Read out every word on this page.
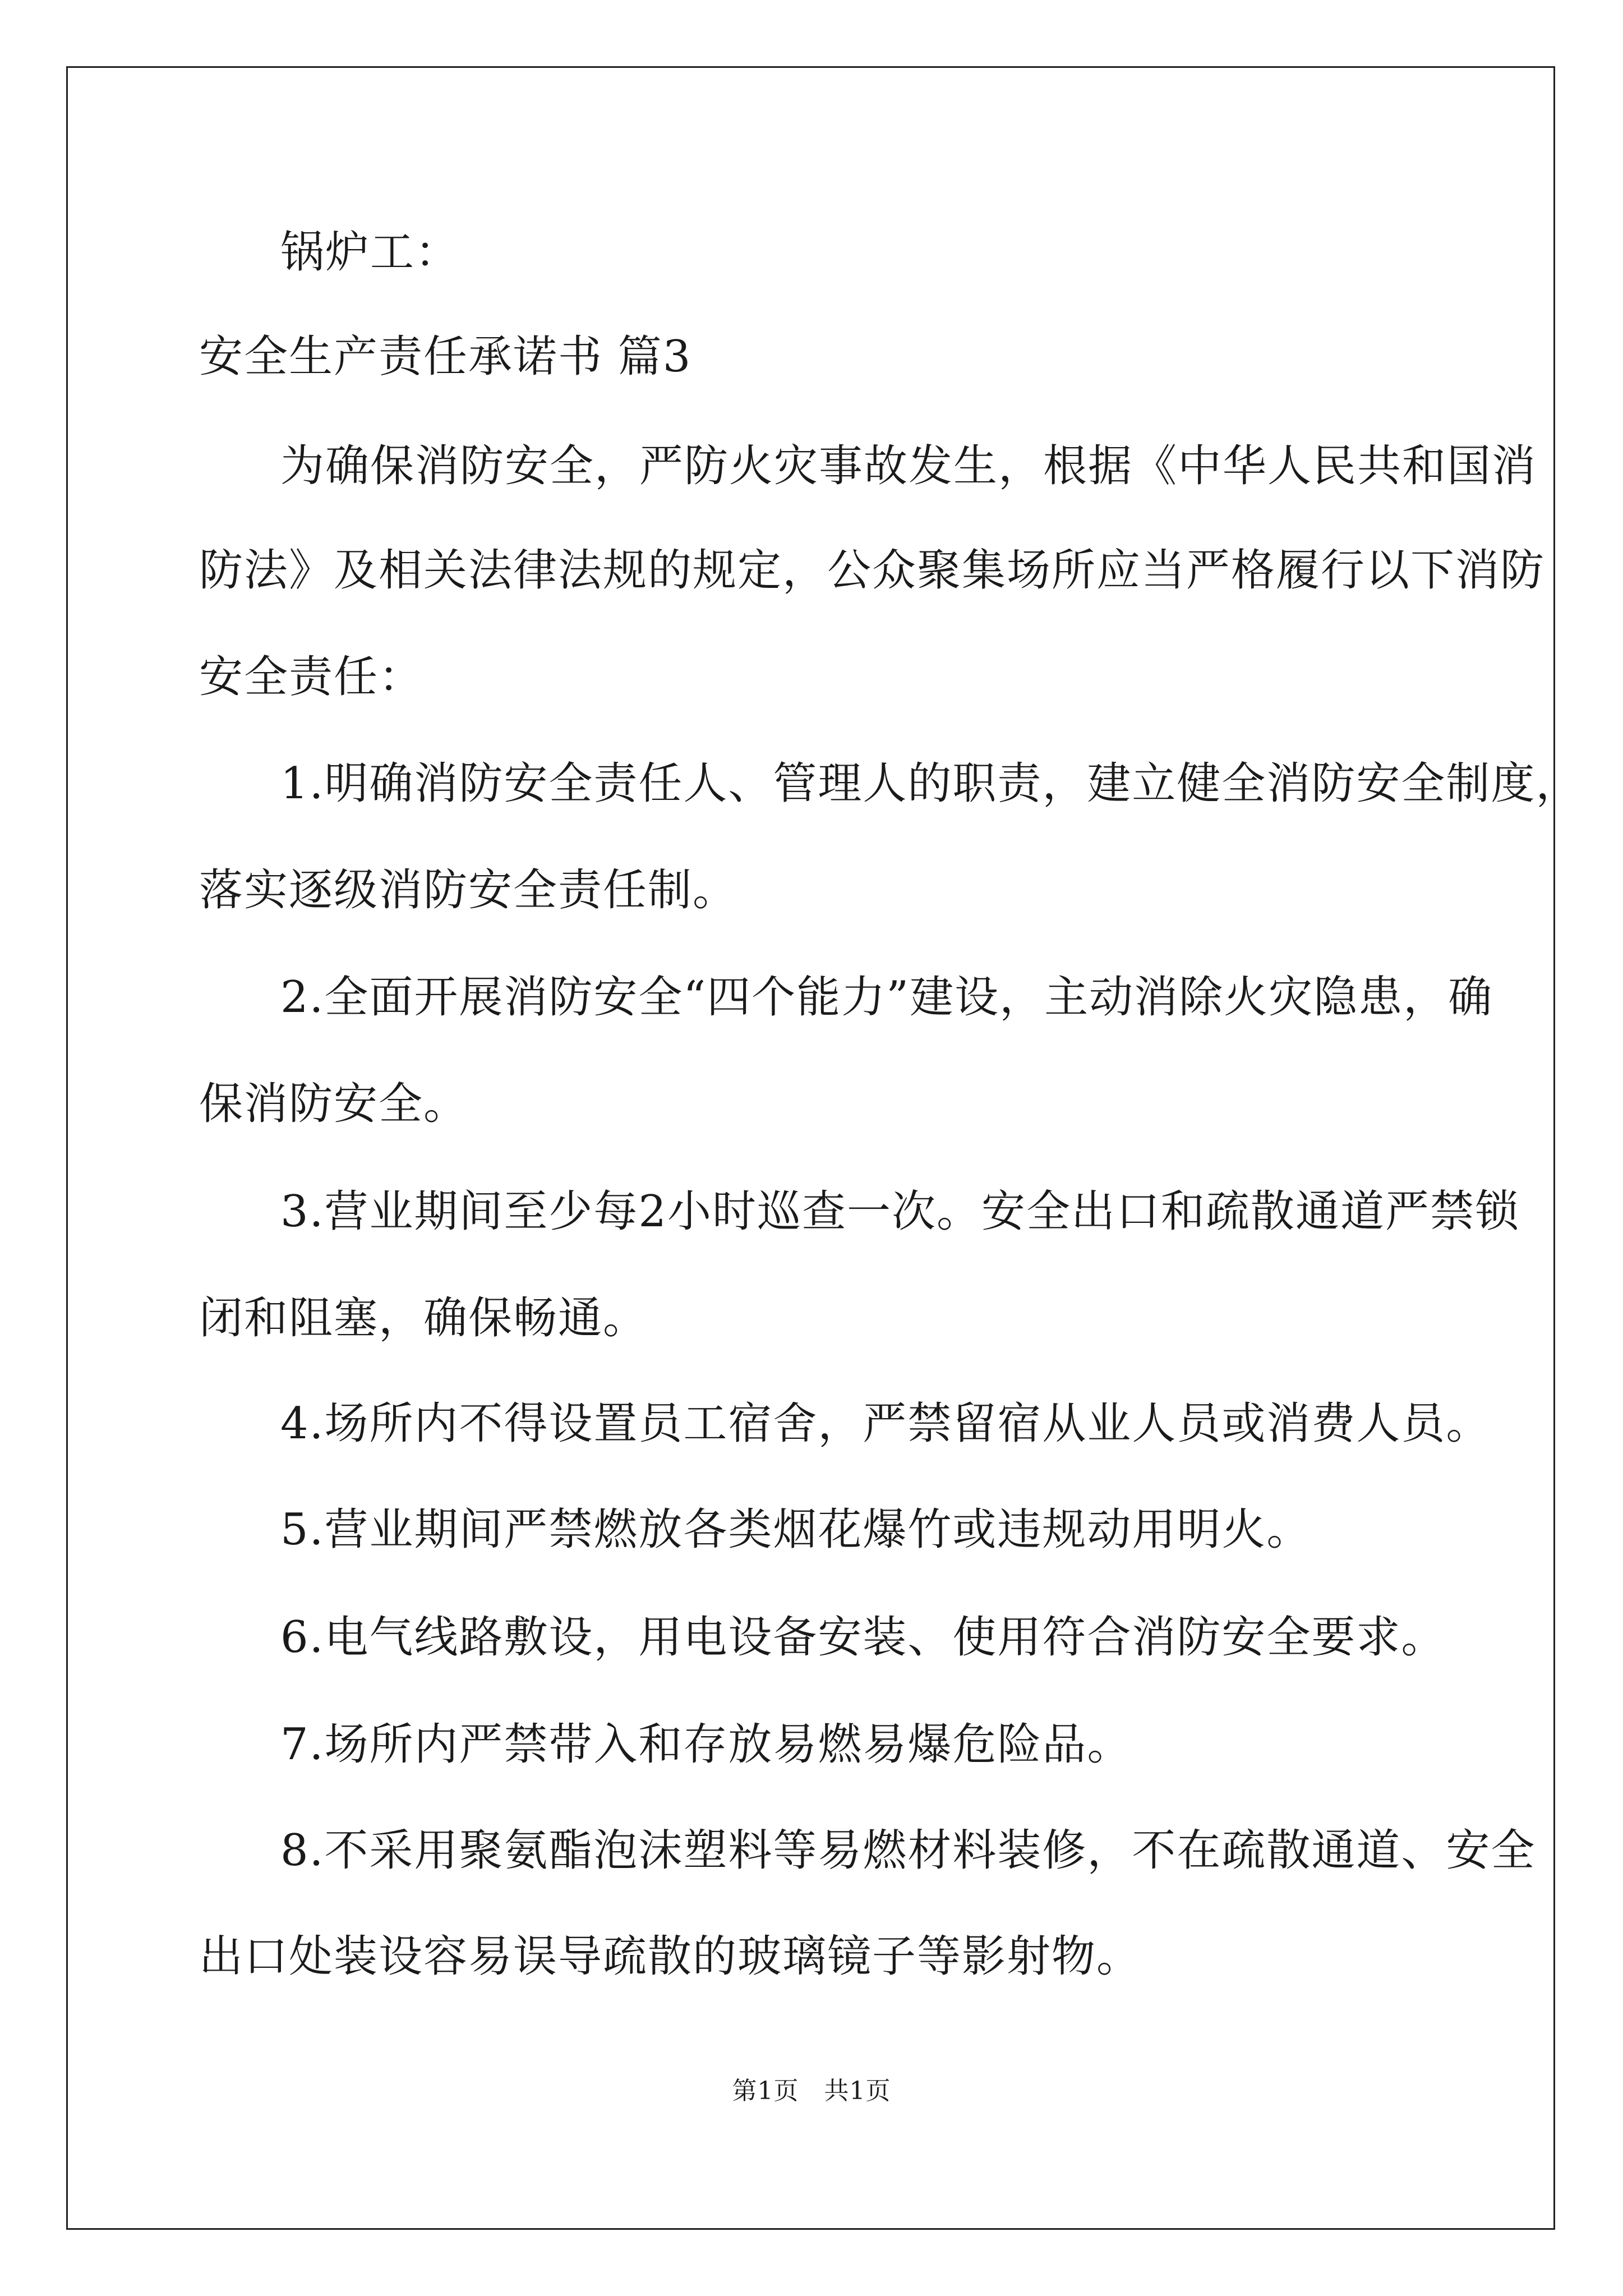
锅炉工：
安全生产责任承诺书 篇3
为确保消防安全，严防火灾事故发生，根据《中华人民共和国消
防法》及相关法律法规的规定，公众聚集场所应当严格履行以下消防
安全责任：
1.明确消防安全责任人、管理人的职责，建立健全消防安全制度，
落实逐级消防安全责任制。
2.全面开展消防安全“四个能力”建设，主动消除火灾隐患，确
保消防安全。
3.营业期间至少每2小时巡查一次。安全出口和疏散通道严禁锁
闭和阻塞，确保畅通。
4.场所内不得设置员工宿舍，严禁留宿从业人员或消费人员。
5.营业期间严禁燃放各类烟花爆竹或违规动用明火。
6.电气线路敷设，用电设备安装、使用符合消防安全要求。
7.场所内严禁带入和存放易燃易爆危险品。
8.不采用聚氨酯泡沫塑料等易燃材料装修，不在疏散通道、安全
出口处装设容易误导疏散的玻璃镜子等影射物。
第1页　共1页
